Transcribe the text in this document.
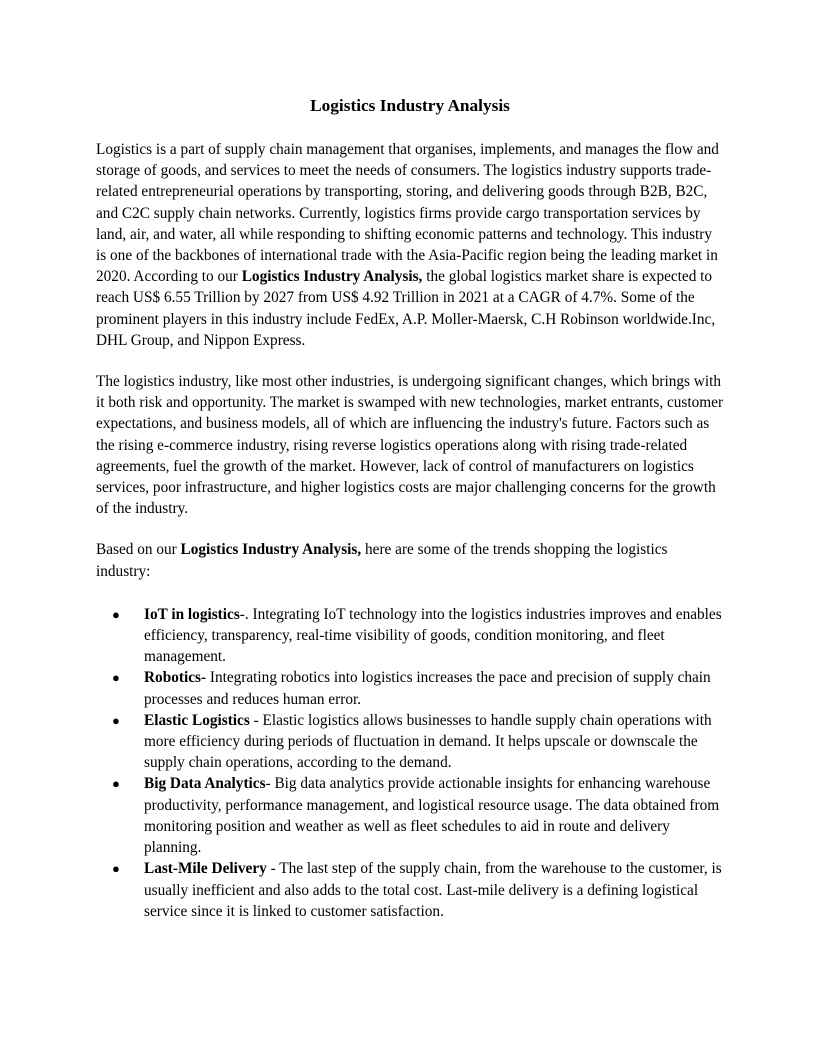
Logistics Industry Analysis

Logistics is a part of supply chain management that organises, implements, and manages the flow and storage of goods, and services to meet the needs of consumers. The logistics industry supports trade-related entrepreneurial operations by transporting, storing, and delivering goods through B2B, B2C, and C2C supply chain networks. Currently, logistics firms provide cargo transportation services by land, air, and water, all while responding to shifting economic patterns and technology. This industry is one of the backbones of international trade with the Asia-Pacific region being the leading market in 2020. According to our Logistics Industry Analysis, the global logistics market share is expected to reach US$ 6.55 Trillion by 2027 from US$ 4.92 Trillion in 2021 at a CAGR of 4.7%. Some of the prominent players in this industry include FedEx, A.P. Moller-Maersk, C.H Robinson worldwide.Inc, DHL Group, and Nippon Express.

The logistics industry, like most other industries, is undergoing significant changes, which brings with it both risk and opportunity. The market is swamped with new technologies, market entrants, customer expectations, and business models, all of which are influencing the industry's future. Factors such as the rising e-commerce industry, rising reverse logistics operations along with rising trade-related agreements, fuel the growth of the market. However, lack of control of manufacturers on logistics services, poor infrastructure, and higher logistics costs are major challenging concerns for the growth of the industry.

Based on our Logistics Industry Analysis, here are some of the trends shopping the logistics industry:

● IoT in logistics-. Integrating IoT technology into the logistics industries improves and enables efficiency, transparency, real-time visibility of goods, condition monitoring, and fleet management.
● Robotics- Integrating robotics into logistics increases the pace and precision of supply chain processes and reduces human error.
● Elastic Logistics - Elastic logistics allows businesses to handle supply chain operations with more efficiency during periods of fluctuation in demand. It helps upscale or downscale the supply chain operations, according to the demand.
● Big Data Analytics- Big data analytics provide actionable insights for enhancing warehouse productivity, performance management, and logistical resource usage. The data obtained from monitoring position and weather as well as fleet schedules to aid in route and delivery planning.
● Last-Mile Delivery - The last step of the supply chain, from the warehouse to the customer, is usually inefficient and also adds to the total cost. Last-mile delivery is a defining logistical service since it is linked to customer satisfaction.
